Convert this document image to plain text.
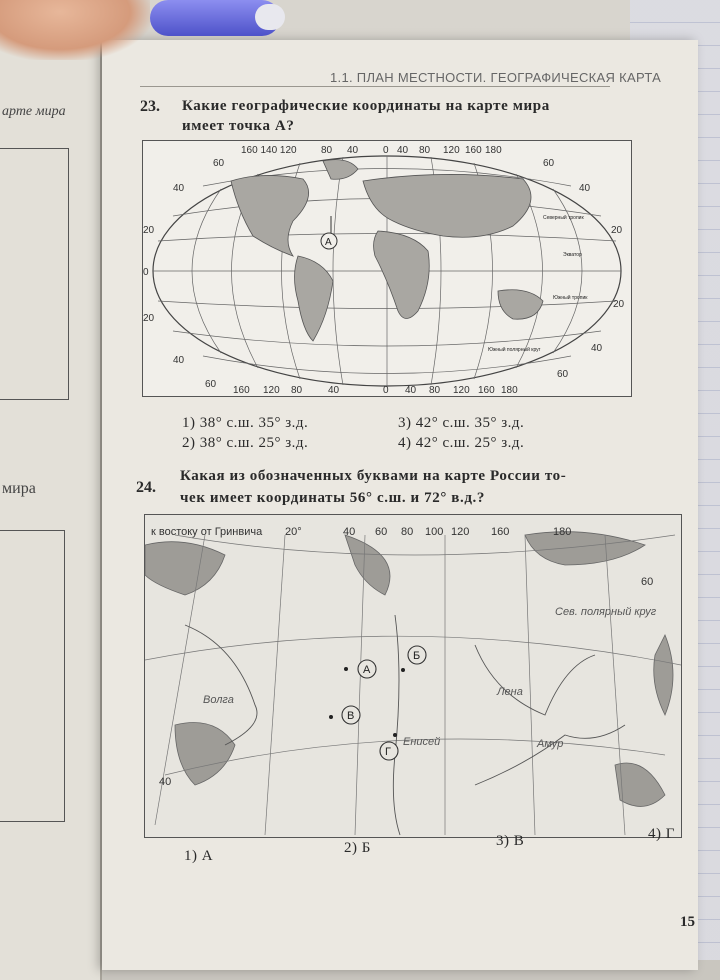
арте мира
мира
1.1. ПЛАН МЕСТНОСТИ. ГЕОГРАФИЧЕСКАЯ КАРТА
23. Какие географические координаты на карте мира
имеет точка А?
160 140 120 80 40 0 40 80 120 160 180
60
40
20
0
20
40
60
60
40
20
20
40
60
160 120 80	40	0 40 80 120 160 180
Северный тропик
Экватор
Южный тропик
Южный полярный круг
А
1) 38° с.ш. 35° з.д.
2) 38° с.ш. 25° з.д.
3) 42° с.ш. 35° з.д.
4) 42° с.ш. 25° з.д.
24.
Какая из обозначенных буквами на карте России то-
чек имеет координаты 56° с.ш. и 72° в.д.?
к востоку от Гринвича 20°	40 60 80 100 120 160	180
60
40
Волга
Енисей
Лена
Амур
Сев. полярный круг
А
Б
В
Г
1) А	2) Б	3) В	4) Г
15
